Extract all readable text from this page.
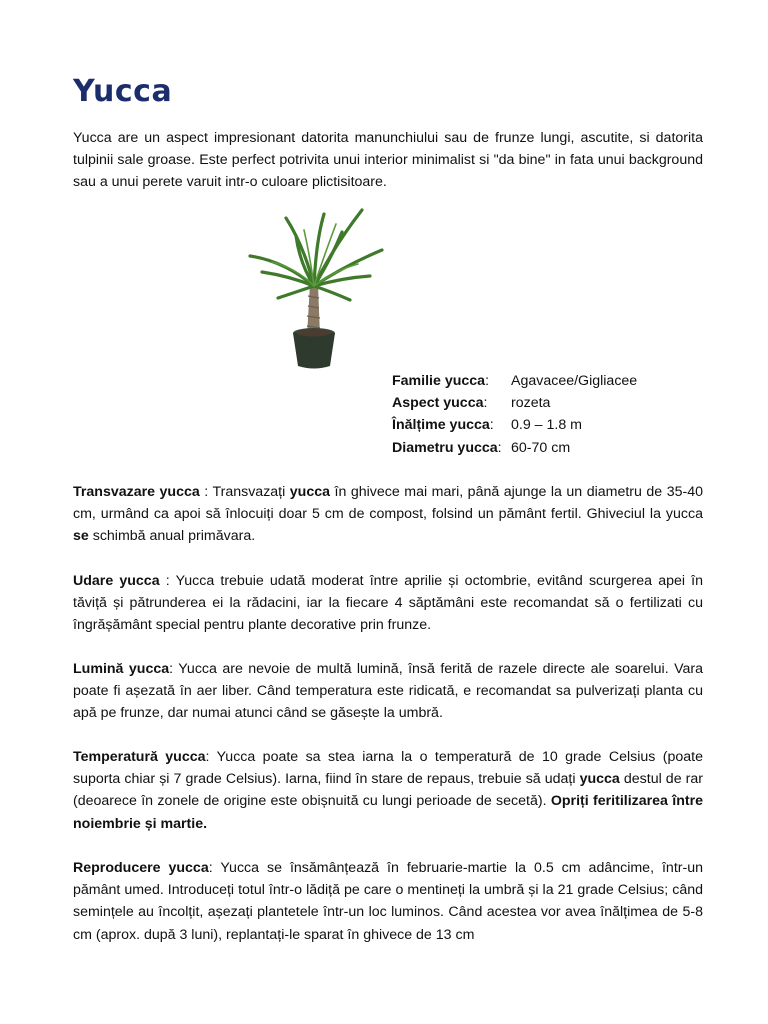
Yucca

Yucca are un aspect impresionant datorita manunchiului sau de frunze lungi, ascutite, si datorita tulpinii sale groase. Este perfect potrivita unui interior minimalist si "da bine" in fata unui background sau a unui perete varuit intr-o culoare plictisitoare.

Familie yucca:	Agavacee/Gigliacee
Aspect yucca:	rozeta
Înălțime yucca:	0.9 – 1.8 m
Diametru yucca: 60-70 cm

Transvazare yucca : Transvazați yucca în ghivece mai mari, până ajunge la un diametru de 35-40 cm, urmând ca apoi să înlocuiți doar 5 cm de compost, folsind un pământ fertil. Ghiveciul la yucca se schimbă anual primăvara.

Udare yucca : Yucca trebuie udată moderat între aprilie și octombrie, evitând scurgerea apei în tăviță și pătrunderea ei la rădacini, iar la fiecare 4 săptămâni este recomandat să o fertilizati cu îngrășământ special pentru plante decorative prin frunze.

Lumină yucca: Yucca are nevoie de multă lumină, însă ferită de razele directe ale soarelui. Vara poate fi așezată în aer liber. Când temperatura este ridicată, e recomandat sa pulverizați planta cu apă pe frunze, dar numai atunci când se găsește la umbră.

Temperatură yucca: Yucca poate sa stea iarna la o temperatură de 10 grade Celsius (poate suporta chiar și 7 grade Celsius). Iarna, fiind în stare de repaus, trebuie să udați yucca destul de rar (deoarece în zonele de origine este obișnuită cu lungi perioade de secetă). Opriți feritilizarea între noiembrie și martie.

Reproducere yucca: Yucca se însămânțează în februarie-martie la 0.5 cm adâncime, într-un pământ umed. Introduceți totul într-o lădiță pe care o mentineți la umbră și la 21 grade Celsius; când semințele au încolțit, așezați plantetele într-un loc luminos. Când acestea vor avea înălțimea de 5-8 cm (aprox. după 3 luni), replantați-le sparat în ghivece de 13 cm
